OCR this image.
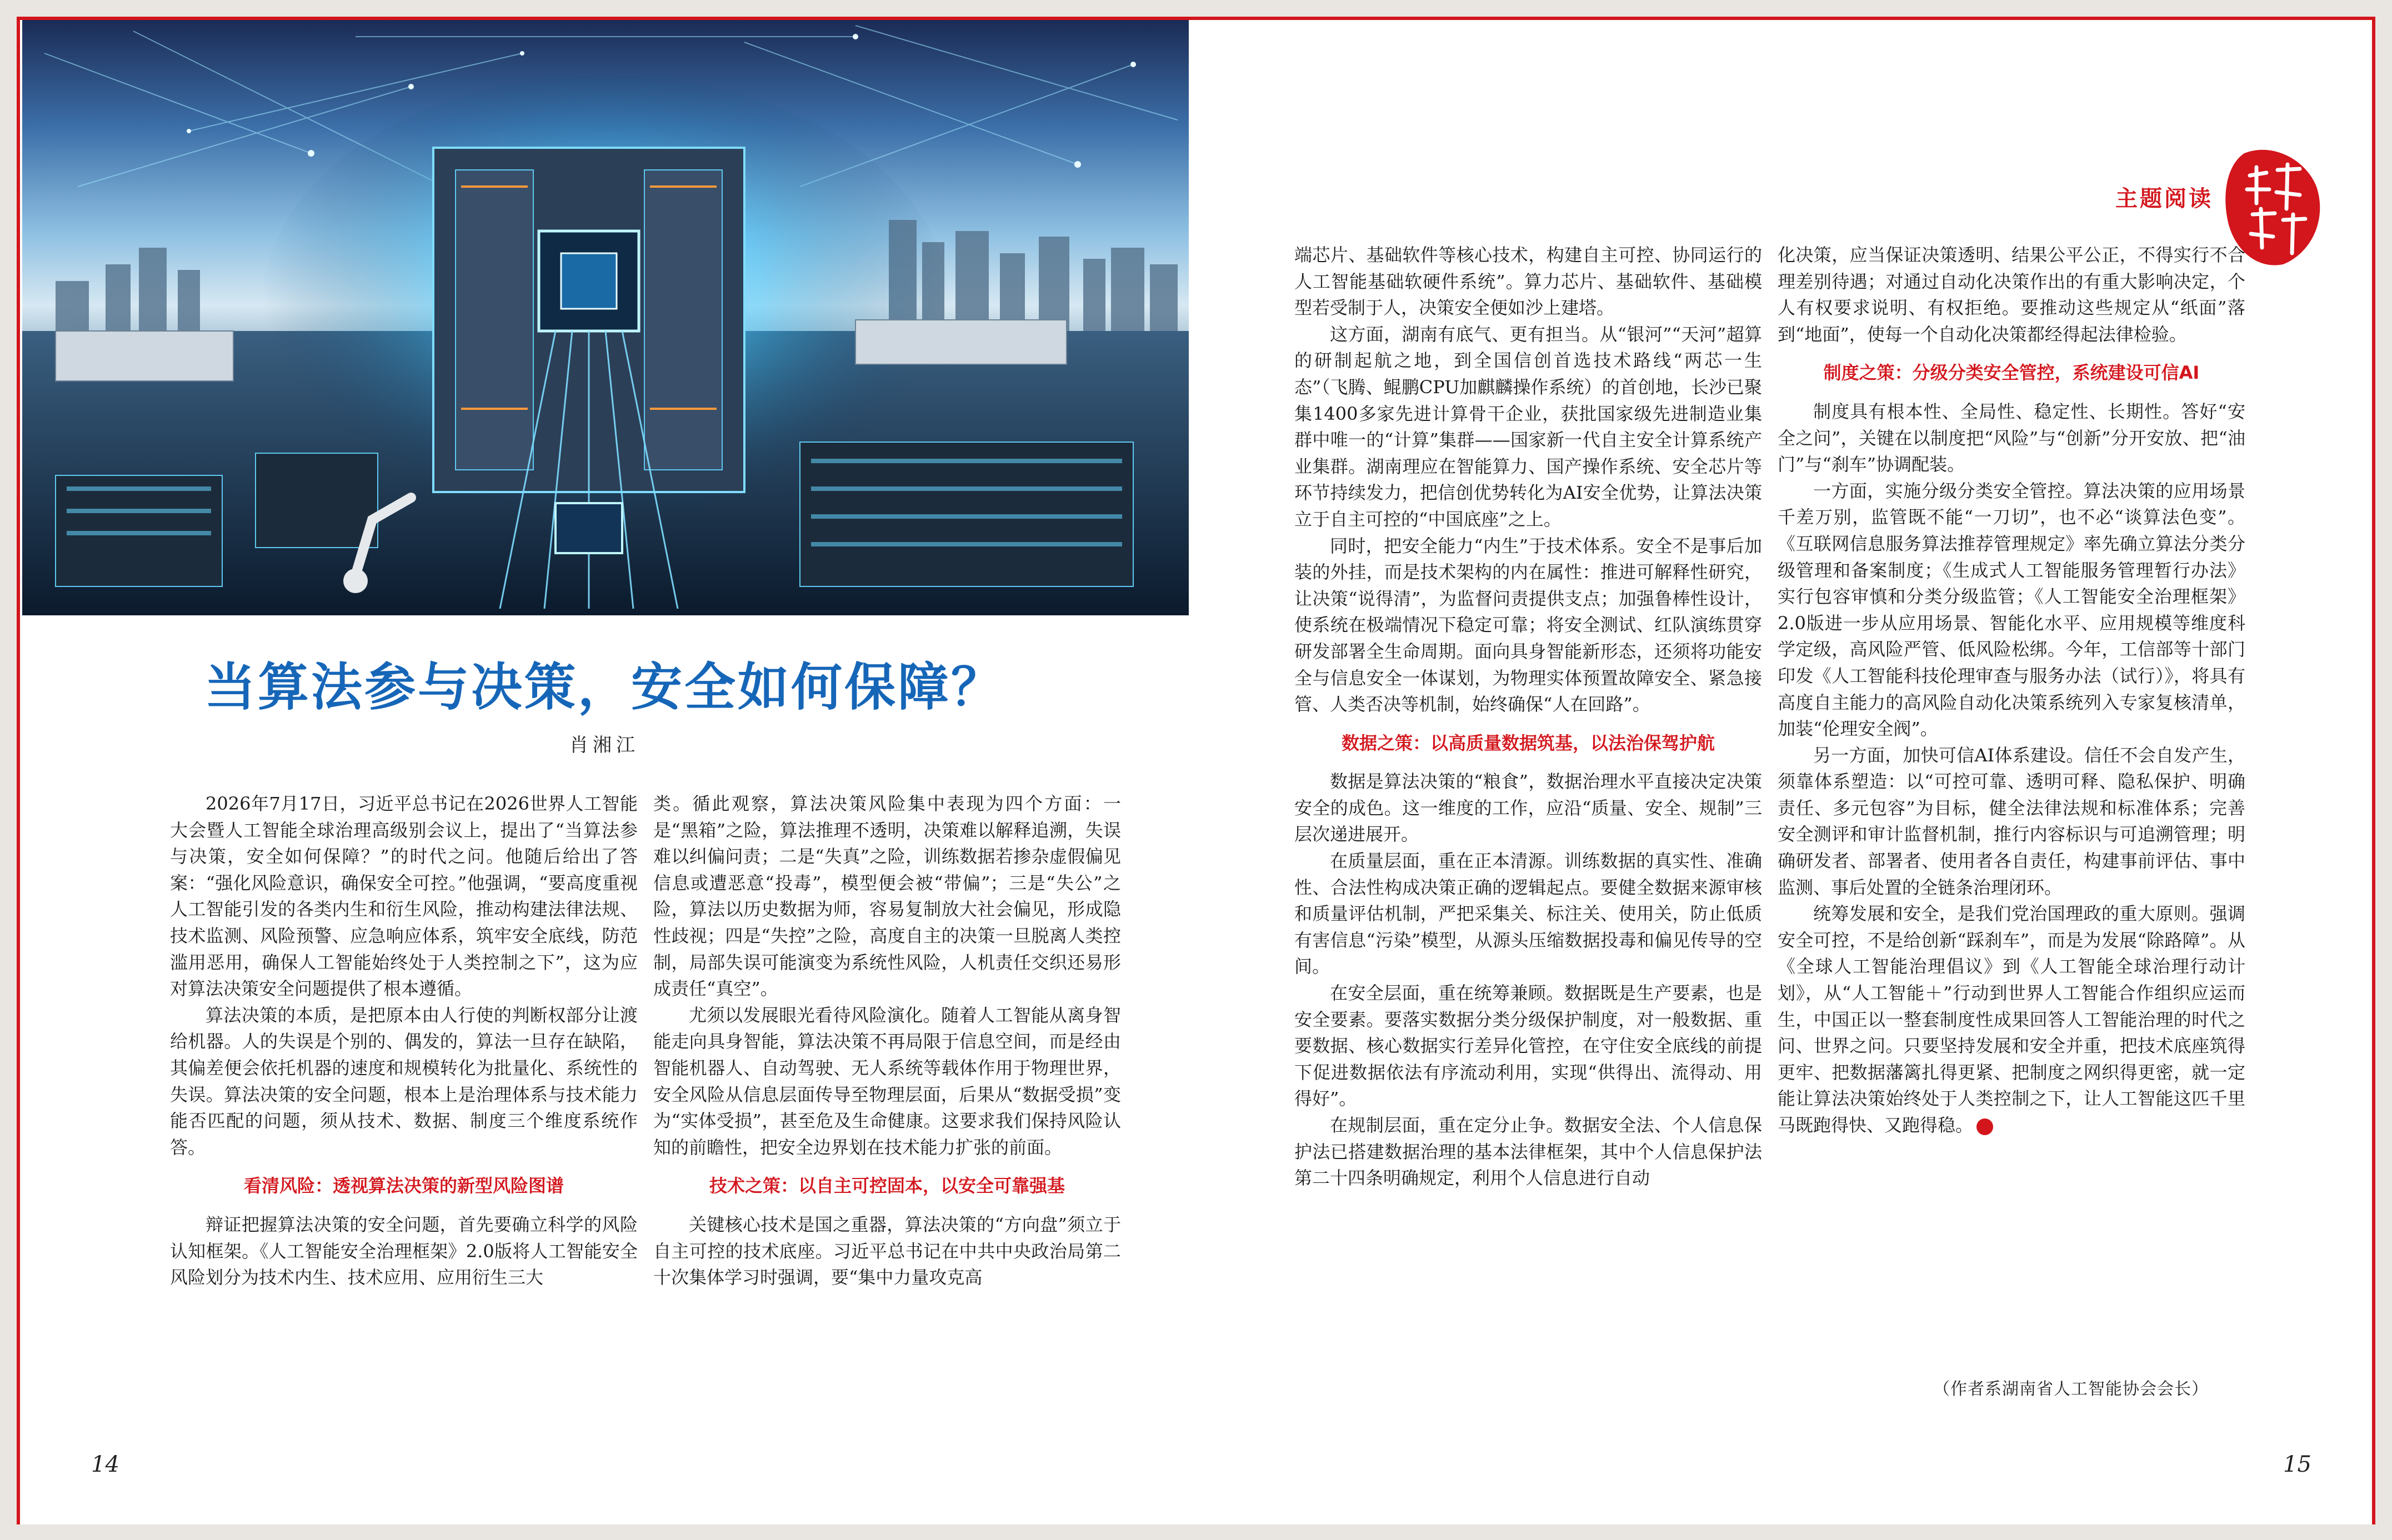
当算法参与决策，安全如何保障？
肖湘江

2026年7月17日，习近平总书记在2026世界人工智能大会暨人工智能全球治理高级别会议上，提出了“当算法参与决策，安全如何保障？”的时代之问。他随后给出了答案：“强化风险意识，确保安全可控。”他强调，“要高度重视人工智能引发的各类内生和衍生风险，推动构建法律法规、技术监测、风险预警、应急响应体系，筑牢安全底线，防范滥用恶用，确保人工智能始终处于人类控制之下”，这为应对算法决策安全问题提供了根本遵循。

算法决策的本质，是把原本由人行使的判断权部分让渡给机器。人的失误是个别的、偶发的，算法一旦存在缺陷，其偏差便会依托机器的速度和规模转化为批量化、系统性的失误。算法决策的安全问题，根本上是治理体系与技术能力能否匹配的问题，须从技术、数据、制度三个维度系统作答。

看清风险：透视算法决策的新型风险图谱

辩证把握算法决策的安全问题，首先要确立科学的风险认知框架。《人工智能安全治理框架》2.0版将人工智能安全风险划分为技术内生、技术应用、应用衍生三大

类。循此观察，算法决策风险集中表现为四个方面：一是“黑箱”之险，算法推理不透明，决策难以解释追溯，失误难以纠偏问责；二是“失真”之险，训练数据若掺杂虚假偏见信息或遭恶意“投毒”，模型便会被“带偏”；三是“失公”之险，算法以历史数据为师，容易复制放大社会偏见，形成隐性歧视；四是“失控”之险，高度自主的决策一旦脱离人类控制，局部失误可能演变为系统性风险，人机责任交织还易形成责任“真空”。

尤须以发展眼光看待风险演化。随着人工智能从离身智能走向具身智能，算法决策不再局限于信息空间，而是经由智能机器人、自动驾驶、无人系统等载体作用于物理世界，安全风险从信息层面传导至物理层面，后果从“数据受损”变为“实体受损”，甚至危及生命健康。这要求我们保持风险认知的前瞻性，把安全边界划在技术能力扩张的前面。

技术之策：以自主可控固本，以安全可靠强基

关键核心技术是国之重器，算法决策的“方向盘”须立于自主可控的技术底座。习近平总书记在中共中央政治局第二十次集体学习时强调，要“集中力量攻克高

14
主题阅读

端芯片、基础软件等核心技术，构建自主可控、协同运行的人工智能基础软硬件系统”。算力芯片、基础软件、基础模型若受制于人，决策安全便如沙上建塔。

这方面，湖南有底气、更有担当。从“银河”“天河”超算的研制起航之地，到全国信创首选技术路线“两芯一生态”（飞腾、鲲鹏CPU加麒麟操作系统）的首创地，长沙已聚集1400多家先进计算骨干企业，获批国家级先进制造业集群中唯一的“计算”集群——国家新一代自主安全计算系统产业集群。湖南理应在智能算力、国产操作系统、安全芯片等环节持续发力，把信创优势转化为AI安全优势，让算法决策立于自主可控的“中国底座”之上。

同时，把安全能力“内生”于技术体系。安全不是事后加装的外挂，而是技术架构的内在属性：推进可解释性研究，让决策“说得清”，为监督问责提供支点；加强鲁棒性设计，使系统在极端情况下稳定可靠；将安全测试、红队演练贯穿研发部署全生命周期。面向具身智能新形态，还须将功能安全与信息安全一体谋划，为物理实体预置故障安全、紧急接管、人类否决等机制，始终确保“人在回路”。

数据之策：以高质量数据筑基，以法治保驾护航

数据是算法决策的“粮食”，数据治理水平直接决定决策安全的成色。这一维度的工作，应沿“质量、安全、规制”三层次递进展开。

在质量层面，重在正本清源。训练数据的真实性、准确性、合法性构成决策正确的逻辑起点。要健全数据来源审核和质量评估机制，严把采集关、标注关、使用关，防止低质有害信息“污染”模型，从源头压缩数据投毒和偏见传导的空间。

在安全层面，重在统筹兼顾。数据既是生产要素，也是安全要素。要落实数据分类分级保护制度，对一般数据、重要数据、核心数据实行差异化管控，在守住安全底线的前提下促进数据依法有序流动利用，实现“供得出、流得动、用得好”。

在规制层面，重在定分止争。数据安全法、个人信息保护法已搭建数据治理的基本法律框架，其中个人信息保护法第二十四条明确规定，利用个人信息进行自动

化决策，应当保证决策透明、结果公平公正，不得实行不合理差别待遇；对通过自动化决策作出的有重大影响决定，个人有权要求说明、有权拒绝。要推动这些规定从“纸面”落到“地面”，使每一个自动化决策都经得起法律检验。

制度之策：分级分类安全管控，系统建设可信AI

制度具有根本性、全局性、稳定性、长期性。答好“安全之问”，关键在以制度把“风险”与“创新”分开安放、把“油门”与“刹车”协调配装。

一方面，实施分级分类安全管控。算法决策的应用场景千差万别，监管既不能“一刀切”，也不必“谈算法色变”。《互联网信息服务算法推荐管理规定》率先确立算法分类分级管理和备案制度；《生成式人工智能服务管理暂行办法》实行包容审慎和分类分级监管；《人工智能安全治理框架》2.0版进一步从应用场景、智能化水平、应用规模等维度科学定级，高风险严管、低风险松绑。今年，工信部等十部门印发《人工智能科技伦理审查与服务办法（试行）》，将具有高度自主能力的高风险自动化决策系统列入专家复核清单，加装“伦理安全阀”。

另一方面，加快可信AI体系建设。信任不会自发产生，须靠体系塑造：以“可控可靠、透明可释、隐私保护、明确责任、多元包容”为目标，健全法律法规和标准体系；完善安全测评和审计监督机制，推行内容标识与可追溯管理；明确研发者、部署者、使用者各自责任，构建事前评估、事中监测、事后处置的全链条治理闭环。

统筹发展和安全，是我们党治国理政的重大原则。强调安全可控，不是给创新“踩刹车”，而是为发展“除路障”。从《全球人工智能治理倡议》到《人工智能全球治理行动计划》，从“人工智能＋”行动到世界人工智能合作组织应运而生，中国正以一整套制度性成果回答人工智能治理的时代之问、世界之问。只要坚持发展和安全并重，把技术底座筑得更牢、把数据藩篱扎得更紧、把制度之网织得更密，就一定能让算法决策始终处于人类控制之下，让人工智能这匹千里马既跑得快、又跑得稳。

（作者系湖南省人工智能协会会长）
15
